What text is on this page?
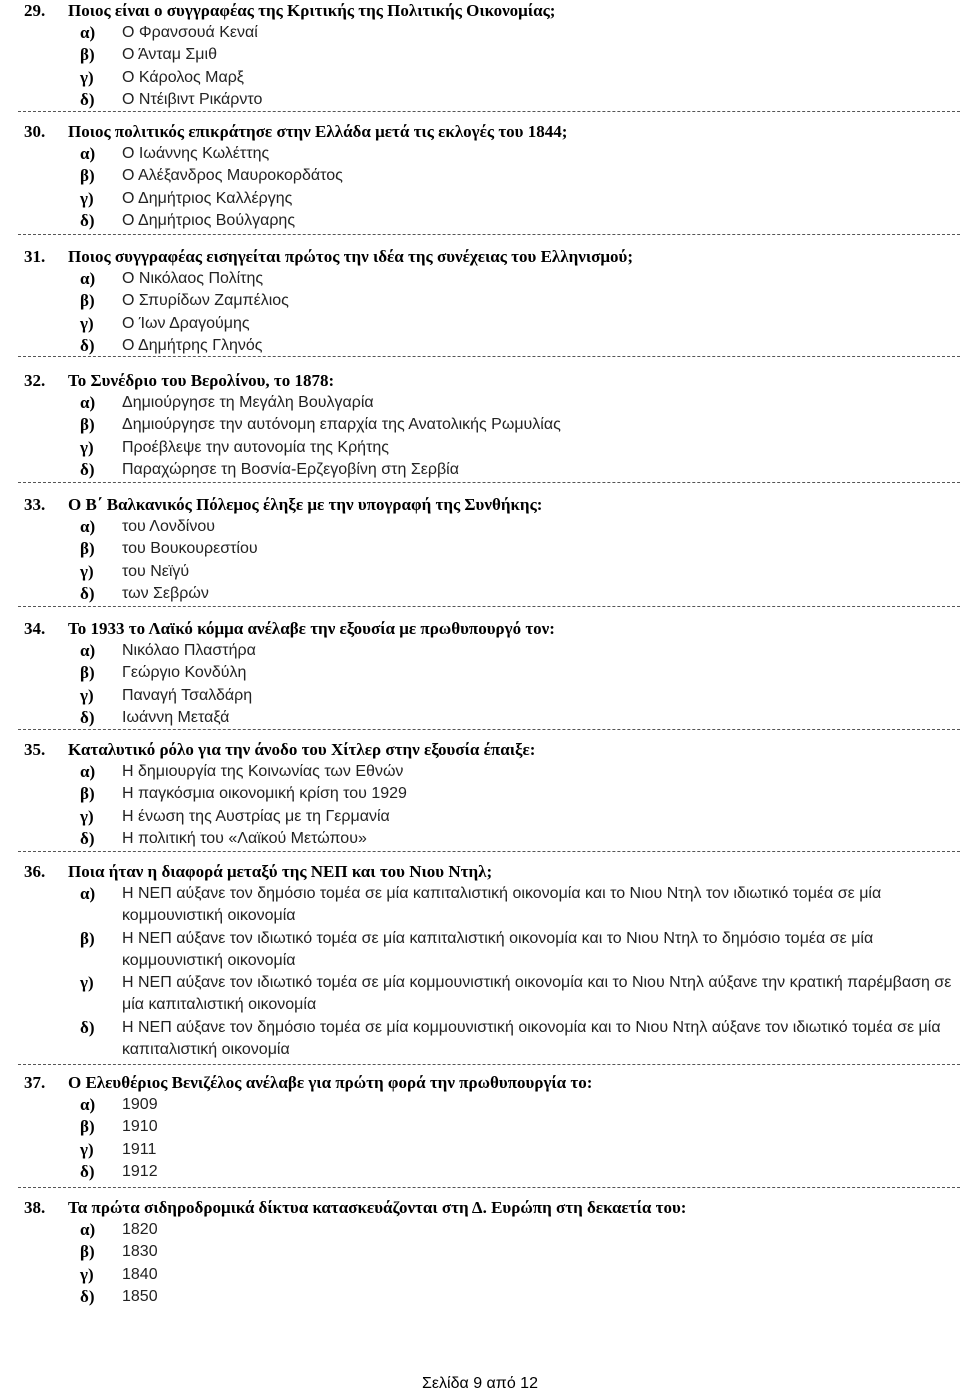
29. Ποιος είναι ο συγγραφέας της Κριτικής της Πολιτικής Οικονομίας;
α) Ο Φρανσουά Κεναί
β) Ο Άνταμ Σμιθ
γ) Ο Κάρολος Μαρξ
δ) Ο Ντέιβιντ Ρικάρντο
30. Ποιος πολιτικός επικράτησε στην Ελλάδα μετά τις εκλογές του 1844;
α) Ο Ιωάννης Κωλέττης
β) Ο Αλέξανδρος Μαυροκορδάτος
γ) Ο Δημήτριος Καλλέργης
δ) Ο Δημήτριος Βούλγαρης
31. Ποιος συγγραφέας εισηγείται πρώτος την ιδέα της συνέχειας του Ελληνισμού;
α) Ο Νικόλαος Πολίτης
β) Ο Σπυρίδων Ζαμπέλιος
γ) Ο Ίων Δραγούμης
δ) Ο Δημήτρης Γληνός
32. Το Συνέδριο του Βερολίνου, το 1878:
α) Δημιούργησε τη Μεγάλη Βουλγαρία
β) Δημιούργησε την αυτόνομη επαρχία της Ανατολικής Ρωμυλίας
γ) Προέβλεψε την αυτονομία της Κρήτης
δ) Παραχώρησε τη Βοσνία-Ερζεγοβίνη στη Σερβία
33. Ο Β΄ Βαλκανικός Πόλεμος έληξε με την υπογραφή της Συνθήκης:
α) του Λονδίνου
β) του Βουκουρεστίου
γ) του Νεϊγύ
δ) των Σεβρών
34. Το 1933 το Λαϊκό κόμμα ανέλαβε την εξουσία με πρωθυπουργό τον:
α) Νικόλαο Πλαστήρα
β) Γεώργιο Κονδύλη
γ) Παναγή Τσαλδάρη
δ) Ιωάννη Μεταξά
35. Καταλυτικό ρόλο για την άνοδο του Χίτλερ στην εξουσία έπαιξε:
α) Η δημιουργία της Κοινωνίας των Εθνών
β) Η παγκόσμια οικονομική κρίση του 1929
γ) Η ένωση της Αυστρίας με τη Γερμανία
δ) Η πολιτική του «Λαϊκού Μετώπου»
36. Ποια ήταν η διαφορά μεταξύ της ΝΕΠ και του Νιου Ντηλ;
α) Η ΝΕΠ αύξανε τον δημόσιο τομέα σε μία καπιταλιστική οικονομία και το Νιου Ντηλ τον ιδιωτικό τομέα σε μία κομμουνιστική οικονομία
β) Η ΝΕΠ αύξανε τον ιδιωτικό τομέα σε μία καπιταλιστική οικονομία και το Νιου Ντηλ το δημόσιο τομέα σε μία κομμουνιστική οικονομία
γ) Η ΝΕΠ αύξανε τον ιδιωτικό τομέα σε μία κομμουνιστική οικονομία και το Νιου Ντηλ αύξανε την κρατική παρέμβαση σε μία καπιταλιστική οικονομία
δ) Η ΝΕΠ αύξανε τον δημόσιο τομέα σε μία κομμουνιστική οικονομία και το Νιου Ντηλ αύξανε τον ιδιωτικό τομέα σε μία καπιταλιστική οικονομία
37. Ο Ελευθέριος Βενιζέλος ανέλαβε για πρώτη φορά την πρωθυπουργία το:
α) 1909
β) 1910
γ) 1911
δ) 1912
38. Τα πρώτα σιδηροδρομικά δίκτυα κατασκευάζονται στη Δ. Ευρώπη στη δεκαετία του:
α) 1820
β) 1830
γ) 1840
δ) 1850
Σελίδα 9 από 12
